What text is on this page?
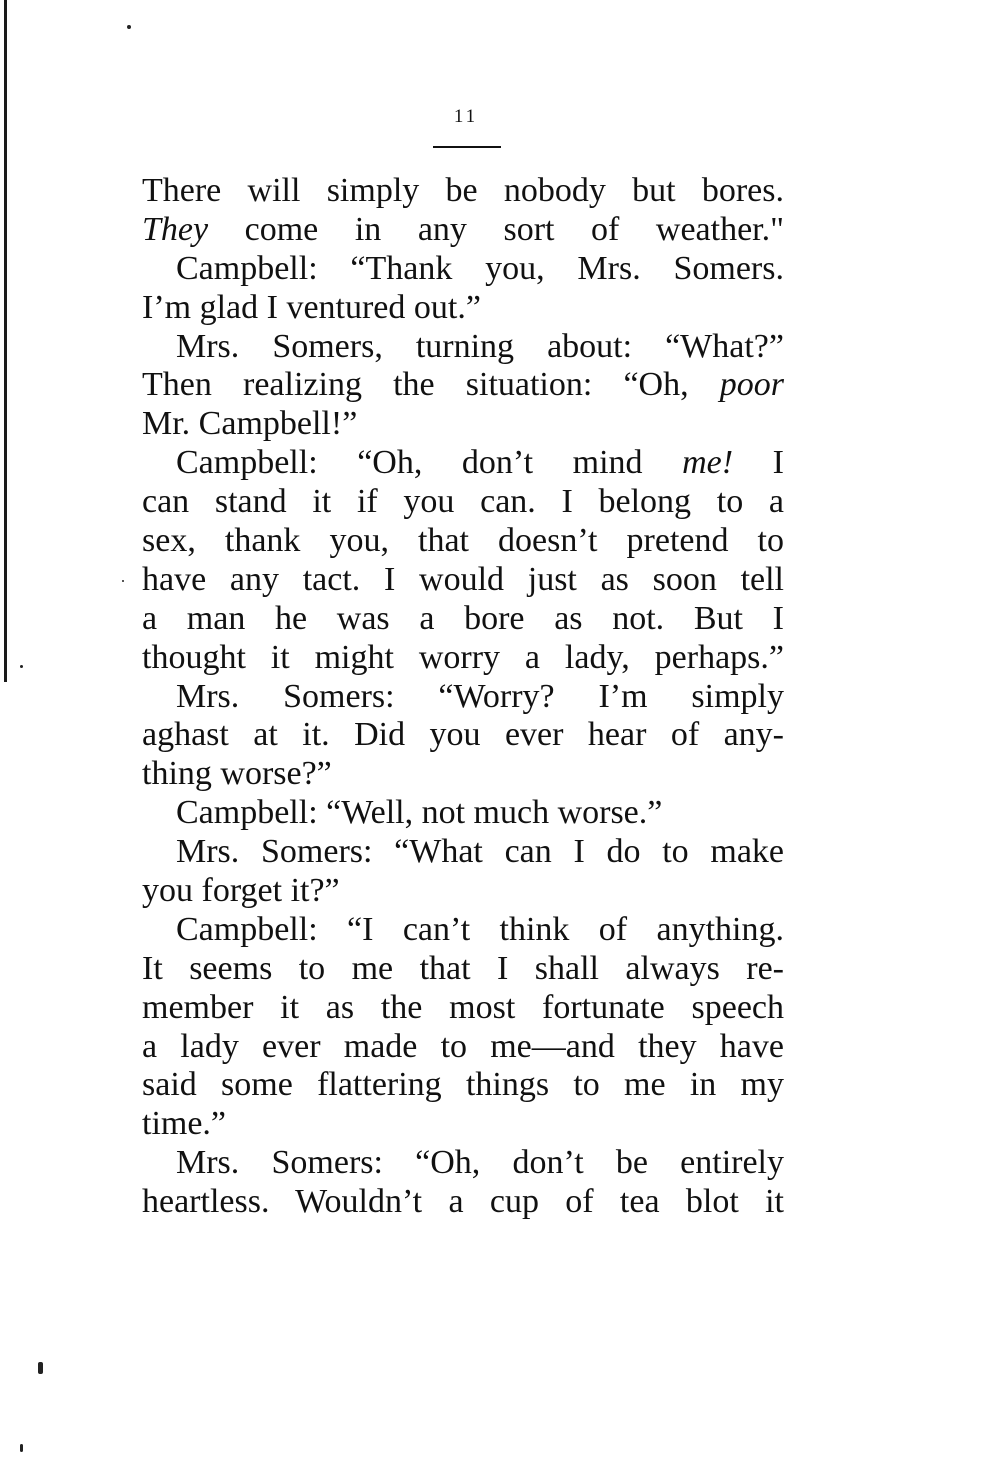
11
There will simply be nobody but bores.
They come in any sort of weather."
Campbell: “Thank you, Mrs. Somers.
I’m glad I ventured out.”
Mrs. Somers, turning about: “What?”
Then realizing the situation: “Oh, poor
Mr. Campbell!”
Campbell: “Oh, don’t mind me! I
can stand it if you can. I belong to a
sex, thank you, that doesn’t pretend to
have any tact. I would just as soon tell
a man he was a bore as not. But I
thought it might worry a lady, perhaps.”
Mrs. Somers: “Worry? I’m simply
aghast at it. Did you ever hear of any-
thing worse?”
Campbell: “Well, not much worse.”
Mrs. Somers: “What can I do to make
you forget it?”
Campbell: “I can’t think of anything.
It seems to me that I shall always re-
member it as the most fortunate speech
a lady ever made to me—and they have
said some flattering things to me in my
time.”
Mrs. Somers: “Oh, don’t be entirely
heartless. Wouldn’t a cup of tea blot it
